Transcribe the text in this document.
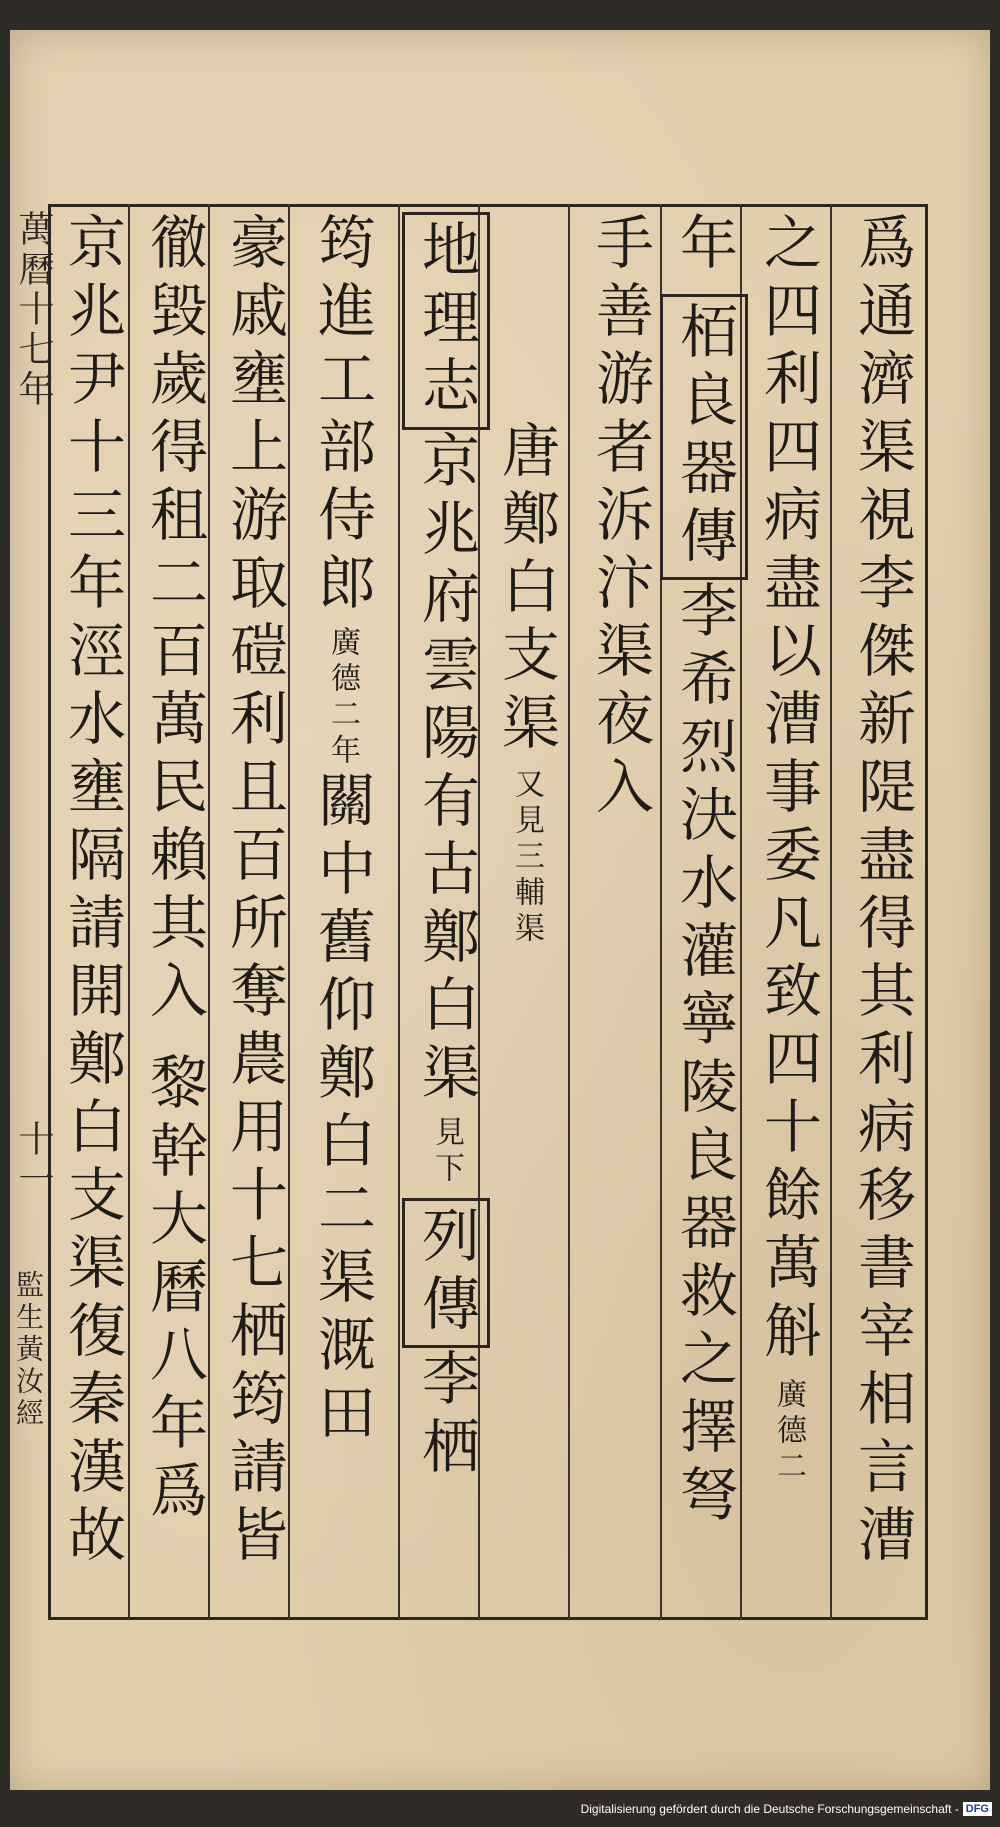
爲通濟渠視李傑新隄盡得其利病移書宰相言漕
之四利四病盡以漕事委凡致四十餘萬斛
廣德二
年
栢良器傳
李希烈決水灌寧陵良器救之擇弩
手善游者泝汴渠夜入
唐鄭白支渠
又見三輔渠
地理志
京兆府雲陽有古鄭白渠
見下
列傳
李栖
筠進工部侍郎
廣德二年
關中舊仰鄭白二渠溉田
豪戚壅上游取磑利且百所奪農用十七栖筠請皆
徹毀歲得租二百萬民賴其入
黎幹大曆八年爲
京兆尹十三年涇水壅隔請開鄭白支渠復秦漢故
萬曆十七年
十一
監生黃汝經
Digitalisierung gefördert durch die Deutsche Forschungsgemeinschaft - DFG
